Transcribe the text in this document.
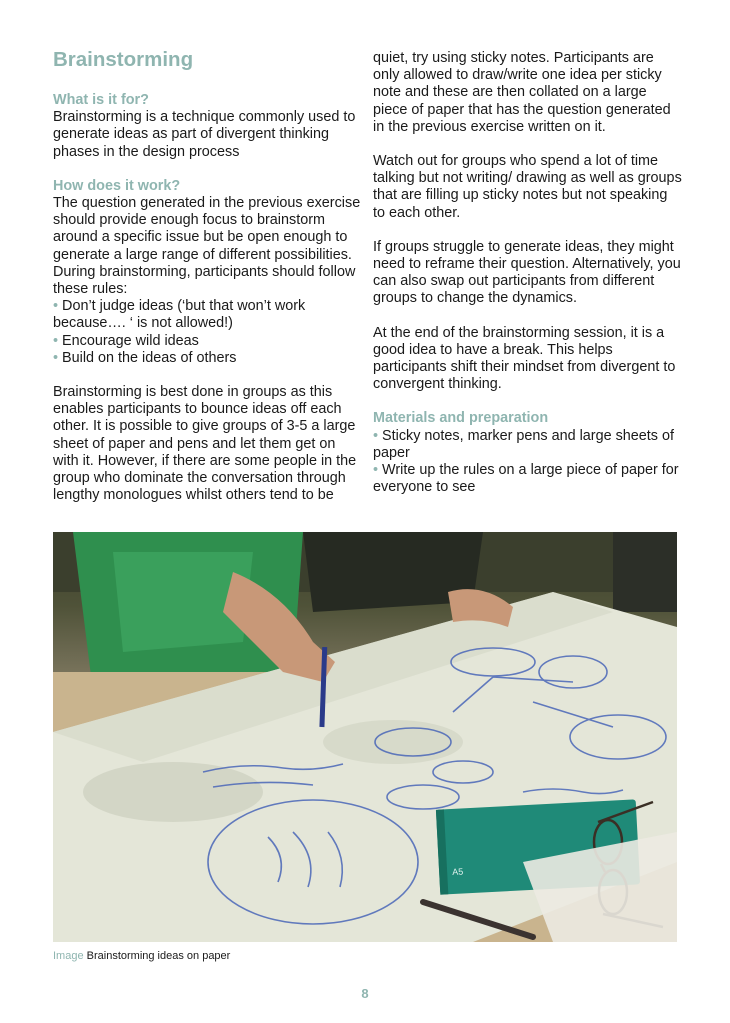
Brainstorming
What is it for?

Brainstorming is a technique commonly used to generate ideas as part of divergent thinking phases in the design process

How does it work?

The question generated in the previous exercise should provide enough focus to brainstorm around a specific issue but be open enough to generate a large range of different possibilities. During brainstorming, participants should follow these rules:

• Don’t judge ideas (‘but that won’t work because…. ‘ is not allowed!)

• Encourage wild ideas

• Build on the ideas of others

Brainstorming is best done in groups as this enables participants to bounce ideas off each other. It is possible to give groups of 3-5 a large sheet of paper and pens and let them get on with it. However, if there are some people in the group who dominate the conversation through lengthy monologues whilst others tend to be

quiet, try using sticky notes. Participants are only allowed to draw/write one idea per sticky note and these are then collated on a large piece of paper that has the question generated in the previous exercise written on it.

Watch out for groups who spend a lot of time talking but not writing/ drawing as well as groups that are filling up sticky notes but not speaking to each other.

If groups struggle to generate ideas, they might need to reframe their question. Alternatively, you can also swap out participants from different groups to change the dynamics.

At the end of the brainstorming session, it is a good idea to have a break. This helps participants shift their mindset from divergent to convergent thinking.

Materials and preparation

• Sticky notes, marker pens and large sheets of paper

• Write up the rules on a large piece of paper for everyone to see

A5
Image Brainstorming ideas on paper
8
